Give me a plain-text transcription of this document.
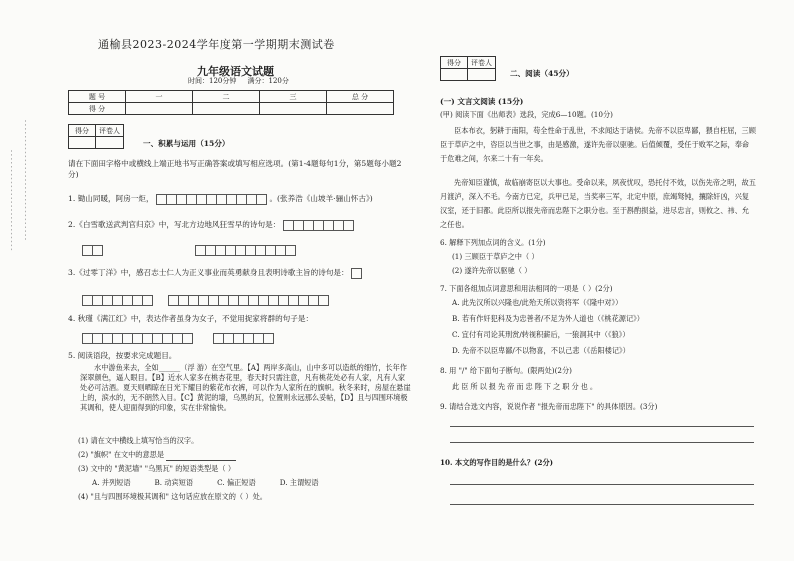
- - - - - - - - - - - - - - - - - - - - - - - - - - - - - - - - - - - - - - - - - - - - - - - - - - - - - - - - -
通榆县2023-2024学年度第一学期期末测试卷
九年级语文试题
时间：120分钟 满分：120分
题 号	一	二	三	总 分
得 分				
得分	评卷人

一、积累与运用（15分）
请在下面田字格中或横线上端正地书写正确答案或填写相应选项。(第1-4题每句1分，第5题每小题2分)
1. 锄山同暖，阿房一炬，	。(张养浩《山坡羊·骊山怀古》)
2.《白雪歌送武判官归京》中，写北方边地风狂雪早的诗句是：

3.《过零丁洋》中，感召志士仁人为正义事业而英勇献身且表明诗歌主旨的诗句是：

4. 秋瑾《满江红》中，表达作者虽身为女子，不觉用捉家将群的句子是：

5. 阅读语段，按要求完成题目。
水中游鱼来去，全如______（浮 游）在空气里。【A】两岸多高山，山中多可以造纸的细竹，长年作深翠颜色，逼人眼目。【B】近水人家多在桃杏花里，春天时只需注意，凡有桃花处必有人家，凡有人家处必可沽酒。夏天则晒晾在日光下耀目的紫花布衣裤，可以作为人家所在的旗帜。秋冬来时，房屋在悬崖上的，滨水的，无不朗然入目。【C】黄泥的墙，乌黑的瓦，位置则永远那么妥帖，【D】且与四围环境极其调和，使人迎面得到的印象，实在非常愉快。
(1) 请在文中横线上填写恰当的汉字。
(2) "旗帜" 在文中的意思是
(3) 文中的 "黄泥墙" "乌黑瓦" 的短语类型是（ ）
A. 并列短语	B. 动宾短语	C. 偏正短语	D. 主谓短语
(4) "且与四围环境极其调和" 这句话应放在原文的（ ）处。
得分	评卷人

二、阅读（45分）
(一) 文言文阅读 (15分)
(甲) 阅读下面《出师表》选段，完成6—10题。(10分)
臣本布衣，躬耕于南阳，苟全性命于乱世，不求闻达于诸侯。先帝不以臣卑鄙，猥自枉屈，三顾臣于草庐之中，咨臣以当世之事，由是感激，遂许先帝以驱驰。后值倾覆，受任于败军之际，奉命于危难之间，尔来二十有一年矣。
先帝知臣谨慎，故临崩寄臣以大事也。受命以来，夙夜忧叹，恐托付不效，以伤先帝之明，故五月渡泸，深入不毛。今南方已定，兵甲已足，当奖率三军，北定中原，庶竭驽钝，攘除奸凶，兴复汉室，还于旧都。此臣所以报先帝而忠陛下之职分也。至于斟酌损益，进尽忠言，则攸之、祎、允之任也。
6. 解释下列加点词的含义。(1分)
(1) 三顾臣于草庐之中（ ）
(2) 遂许先帝以驱驰（ ）
7. 下面各组加点词意思和用法相同的一项是（ ）(2分)
A. 此先汉所以兴隆也/此殆天所以资将军（《隆中对》）
B. 若有作奸犯科及为忠善者/不足为外人道也（《桃花源记》）
C. 宜付有司论其刑赏/转视积薪后，一狼洞其中（《狼》）
D. 先帝不以臣卑鄙/不以物喜，不以己悲（《岳阳楼记》）
8. 用 "/" 给下面句子断句。(限两处)(2分)
此臣所以报先帝而忠陛下之职分也。
9. 请结合选文内容，说说作者 "报先帝而忠陛下" 的具体原因。(3分)
10. 本文的写作目的是什么？(2分)
